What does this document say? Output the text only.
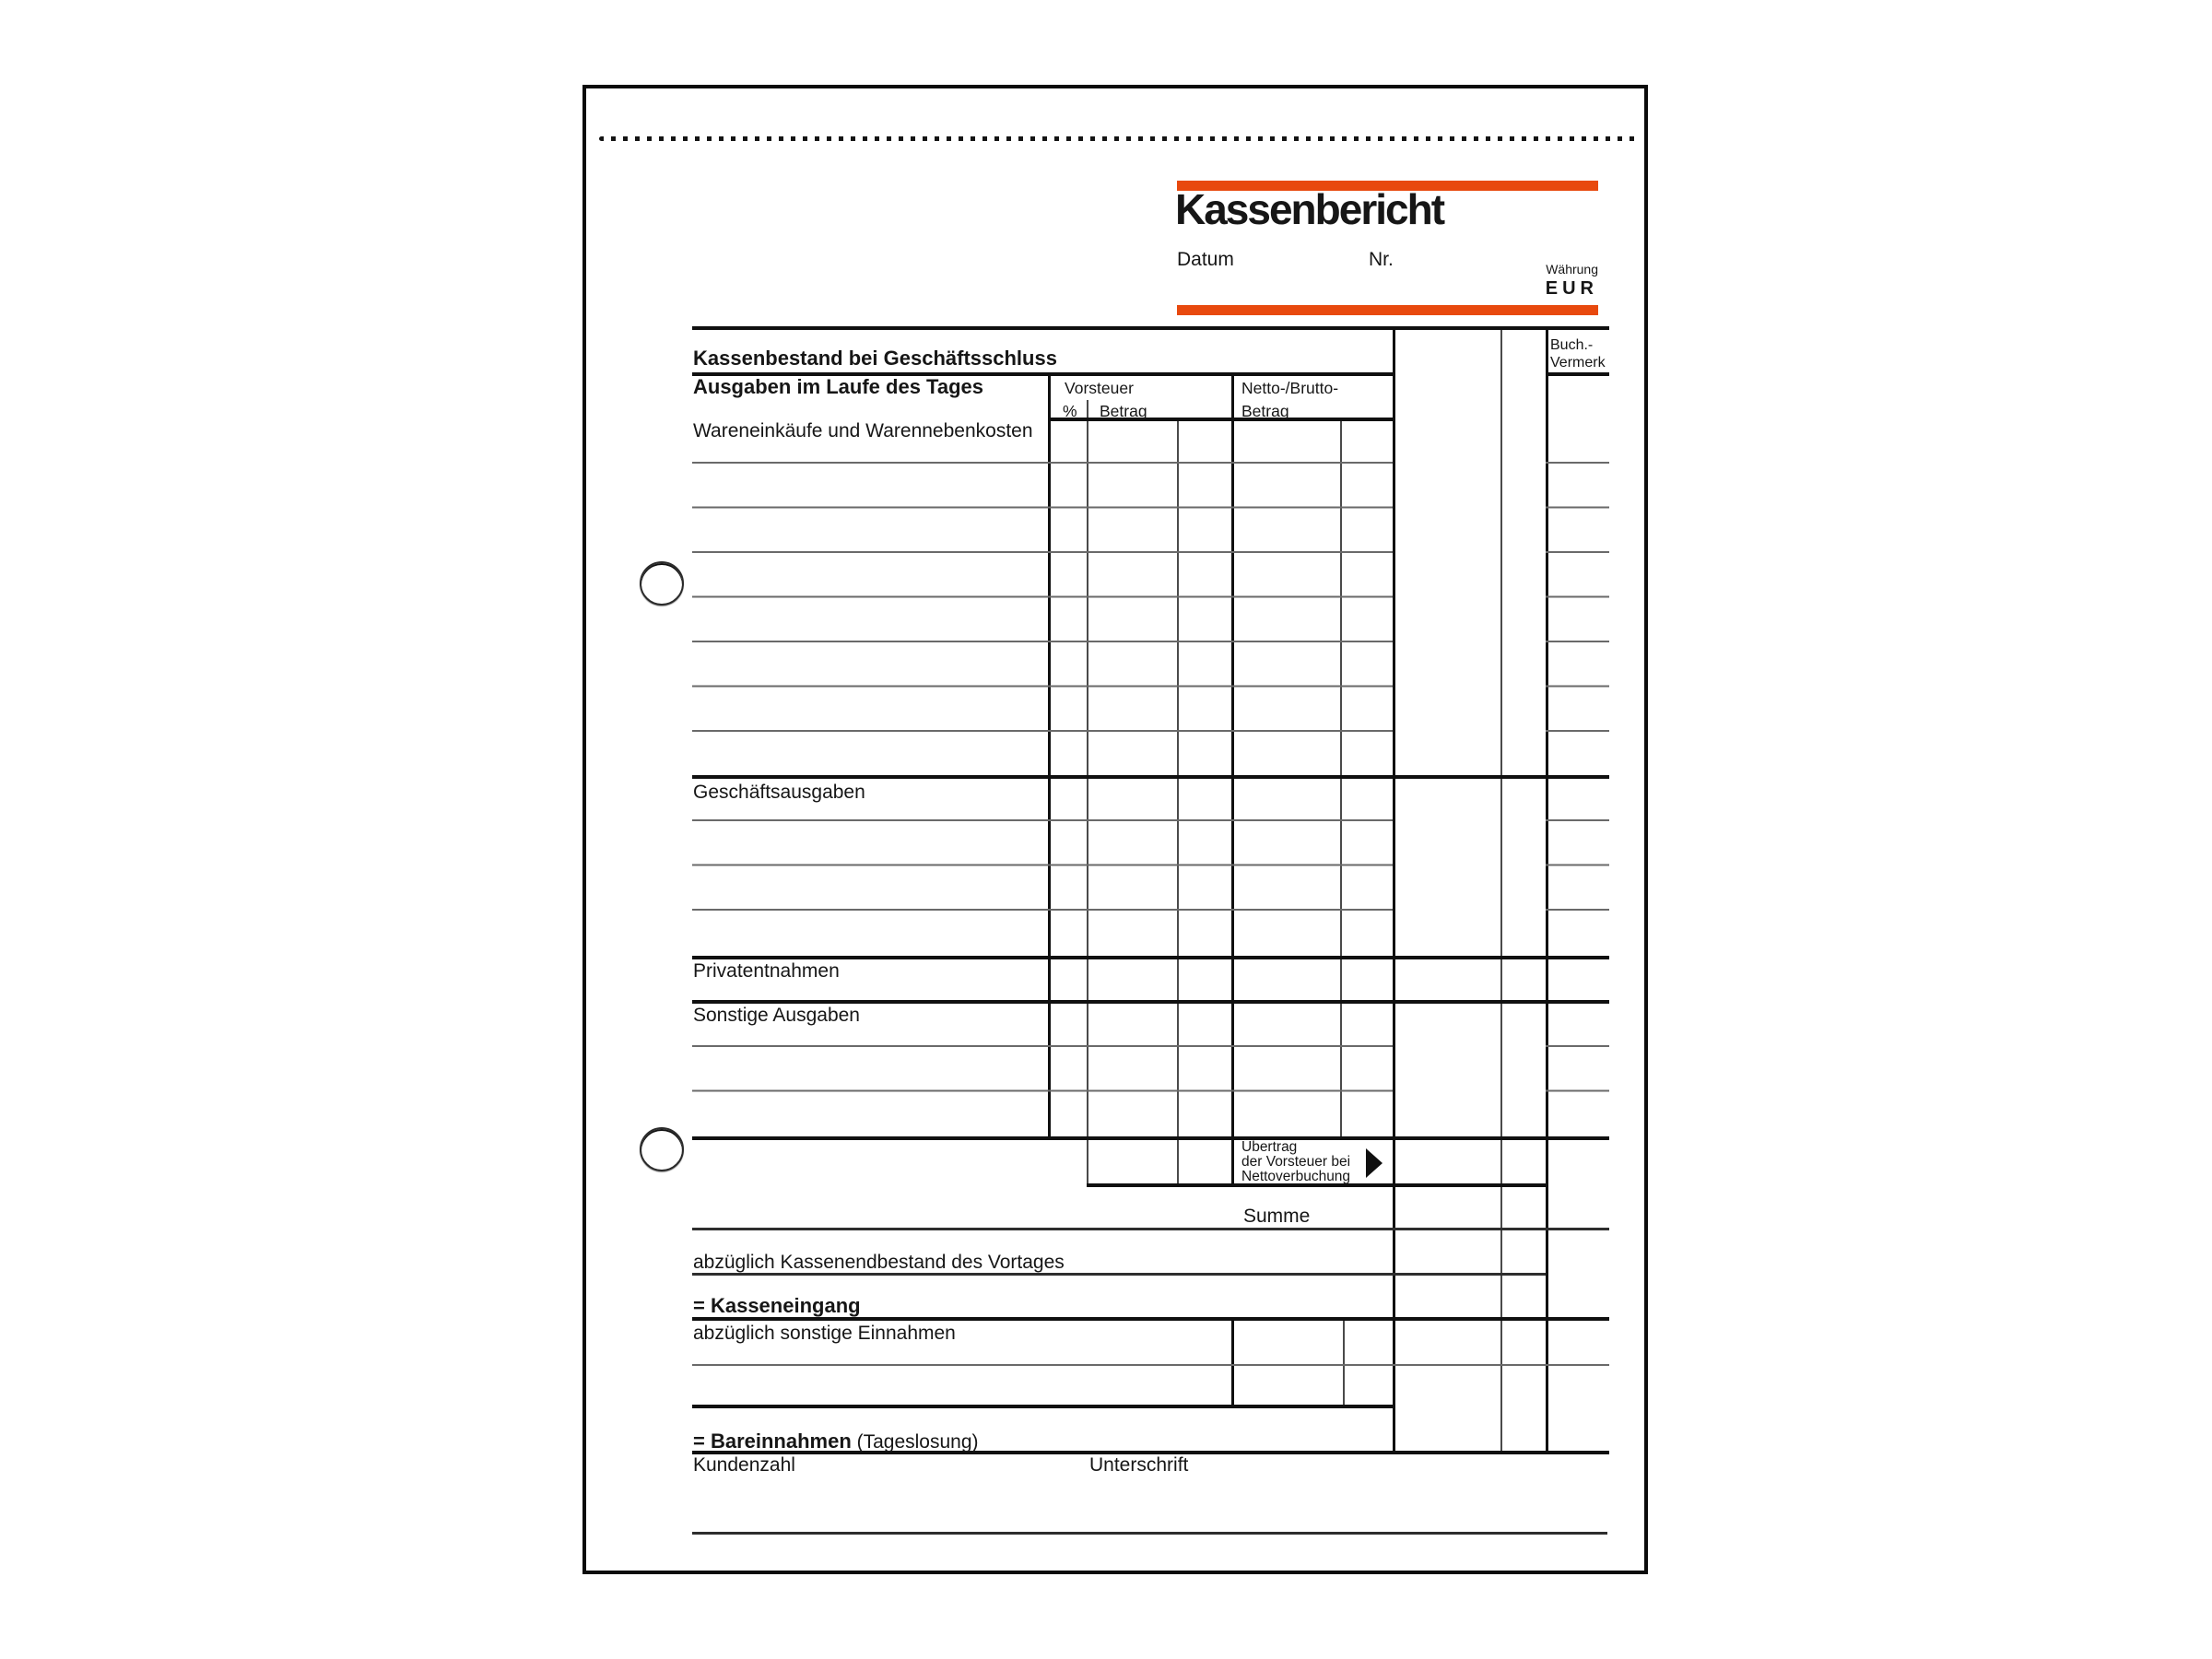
Kassenbericht
Datum	Nr.	Währung
EUR
Buch.-
Vermerk
Kassenbestand bei Geschäftsschluss
Ausgaben im Laufe des Tages	Vorsteuer
% Betrag
Netto-/Brutto-
Betrag
Wareneinkäufe und Warennebenkosten
Geschäftsausgaben
Privatentnahmen
Sonstige Ausgaben
Übertrag
der Vorsteuer bei
Nettoverbuchung
Summe
abzüglich Kassenendbestand des Vortages
= Kasseneingang
abzüglich sonstige Einnahmen
= Bareinnahmen (Tageslosung)
Kundenzahl	Unterschrift
